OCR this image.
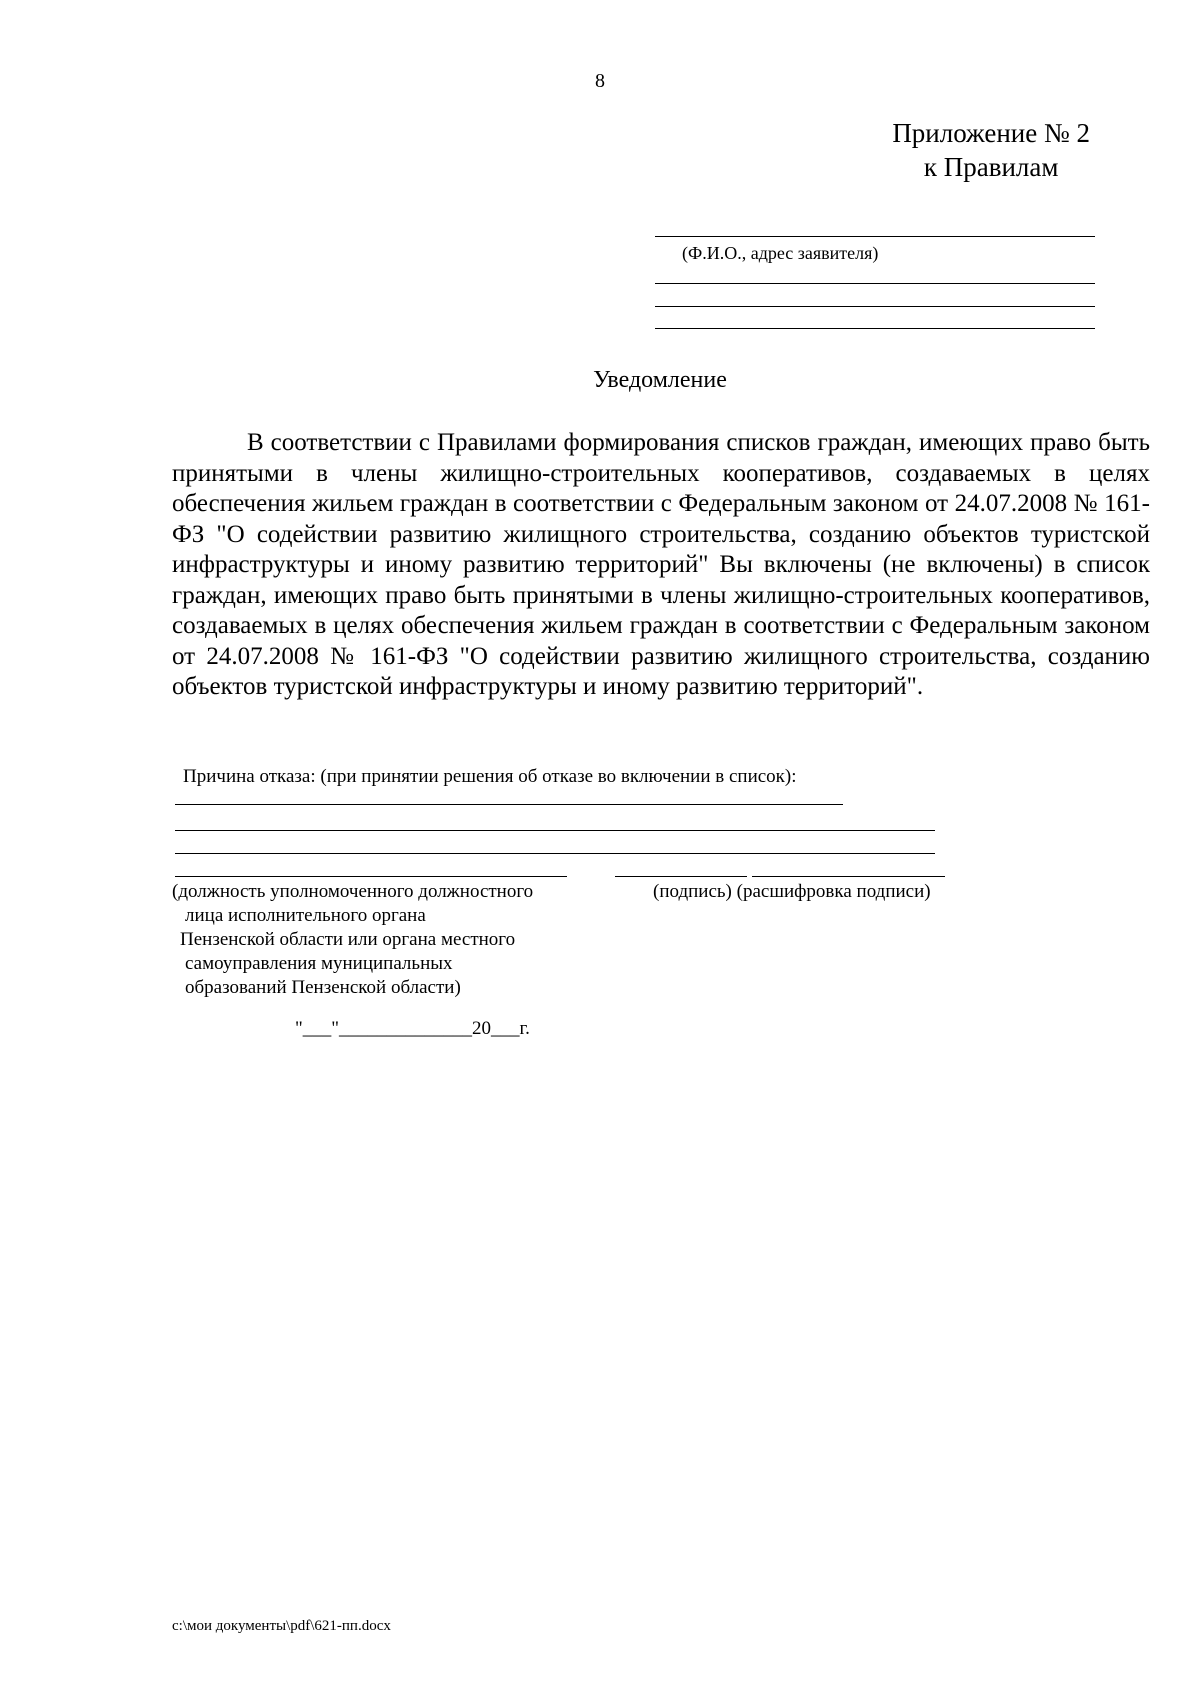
8
Приложение № 2
к Правилам
(Ф.И.О., адрес заявителя)
Уведомление
В соответствии с Правилами формирования списков граждан, имеющих право быть принятыми в члены жилищно-строительных кооперативов, создаваемых в целях обеспечения жильем граждан в соответствии с Федеральным законом от 24.07.2008 № 161-ФЗ "О содействии развитию жилищного строительства, созданию объектов туристской инфраструктуры и иному развитию территорий" Вы включены (не включены) в список граждан, имеющих право быть принятыми в члены жилищно-строительных кооперативов, создаваемых в целях обеспечения жильем граждан в соответствии с Федеральным законом от 24.07.2008 № 161-ФЗ "О содействии развитию жилищного строительства, созданию объектов туристской инфраструктуры и иному развитию территорий".
Причина отказа: (при принятии решения об отказе во включении в список):
(должность уполномоченного должностного
лица исполнительного органа
Пензенской области или органа местного
самоуправления муниципальных
образований Пензенской области)
(подпись) (расшифровка подписи)
"___"______________20___г.
c:\мои документы\pdf\621-пп.docx
